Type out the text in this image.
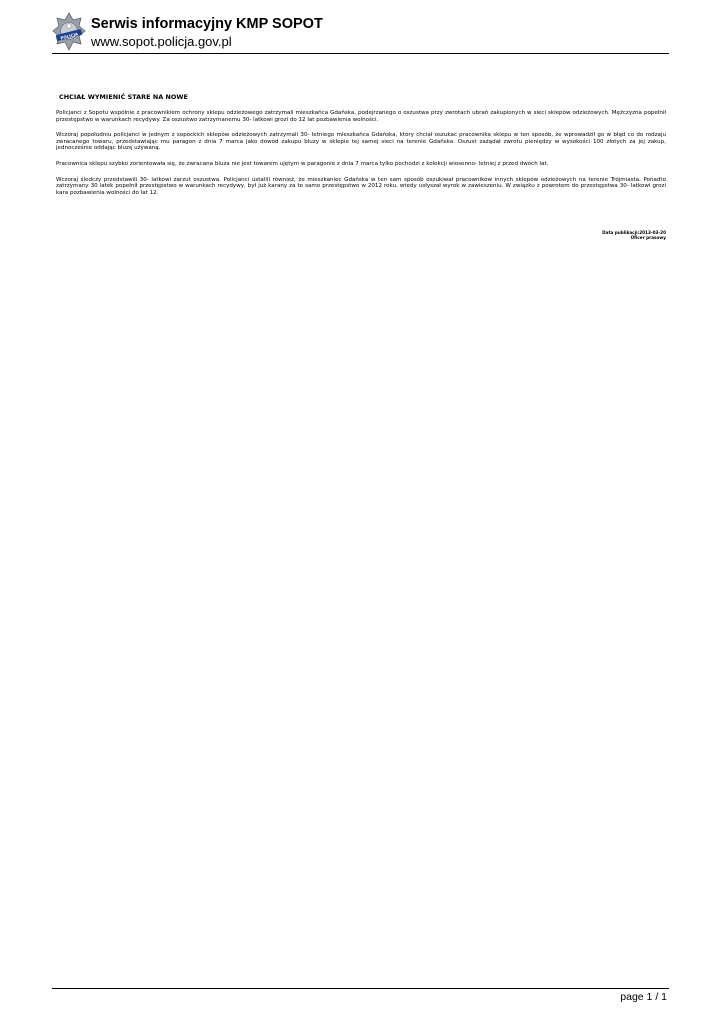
POLICJA
Serwis informacyjny KMP SOPOT
www.sopot.policja.gov.pl
CHCIAŁ WYMIENIĆ STARE NA NOWE

Policjanci z Sopotu wspólnie z pracownikiem ochrony sklepu odzieżowego zatrzymali mieszkańca Gdańska, podejrzanego o oszustwa przy zwrotach ubrań zakupionych w sieci sklepów odzieżowych. Mężczyzna popełnił przestępstwo w warunkach recydywy. Za oszustwo zatrzymanemu 30- latkowi grozi do 12 lat pozbawienia wolności.

Wczoraj popołudniu policjanci w jednym z sopockich sklepów odzieżowych zatrzymali 30- letniego mieszkańca Gdańska, który chciał oszukać pracownika sklepu w ten sposób, że wprowadził go w błąd co do rodzaju zwracanego towaru, przedstawiając mu paragon z dnia 7 marca jako dowód zakupu bluzy w sklepie tej samej sieci na terenie Gdańska. Oszust zażądał zwrotu pieniędzy w wysokości 100 złotych za jej zakup, jednocześnie oddając bluzę używaną.

Pracownica sklepu szybko zorientowała się, że zwracana bluza nie jest towarem ujętym w paragonie z dnia 7 marca tylko pochodzi z kolekcji wiosenno- letniej z przed dwóch lat.

Wczoraj śledczy przedstawili 30- latkowi zarzut oszustwa. Policjanci ustalili również, że mieszkaniec Gdańska w ten sam sposób oszukiwał pracowników innych sklepów odzieżowych na terenie Trójmiasta. Ponadto zatrzymany 30 latek popełnił przestępstwo w warunkach recydywy, był już karany za to samo przestępstwo w 2012 roku, wtedy usłyszał wyrok w zawieszeniu. W związku z powrotem do przestępstwa 30- latkowi grozi kara pozbawienia wolności do lat 12.

Data publikacji:2013-03-20
Oficer prasowy
page 1 / 1
